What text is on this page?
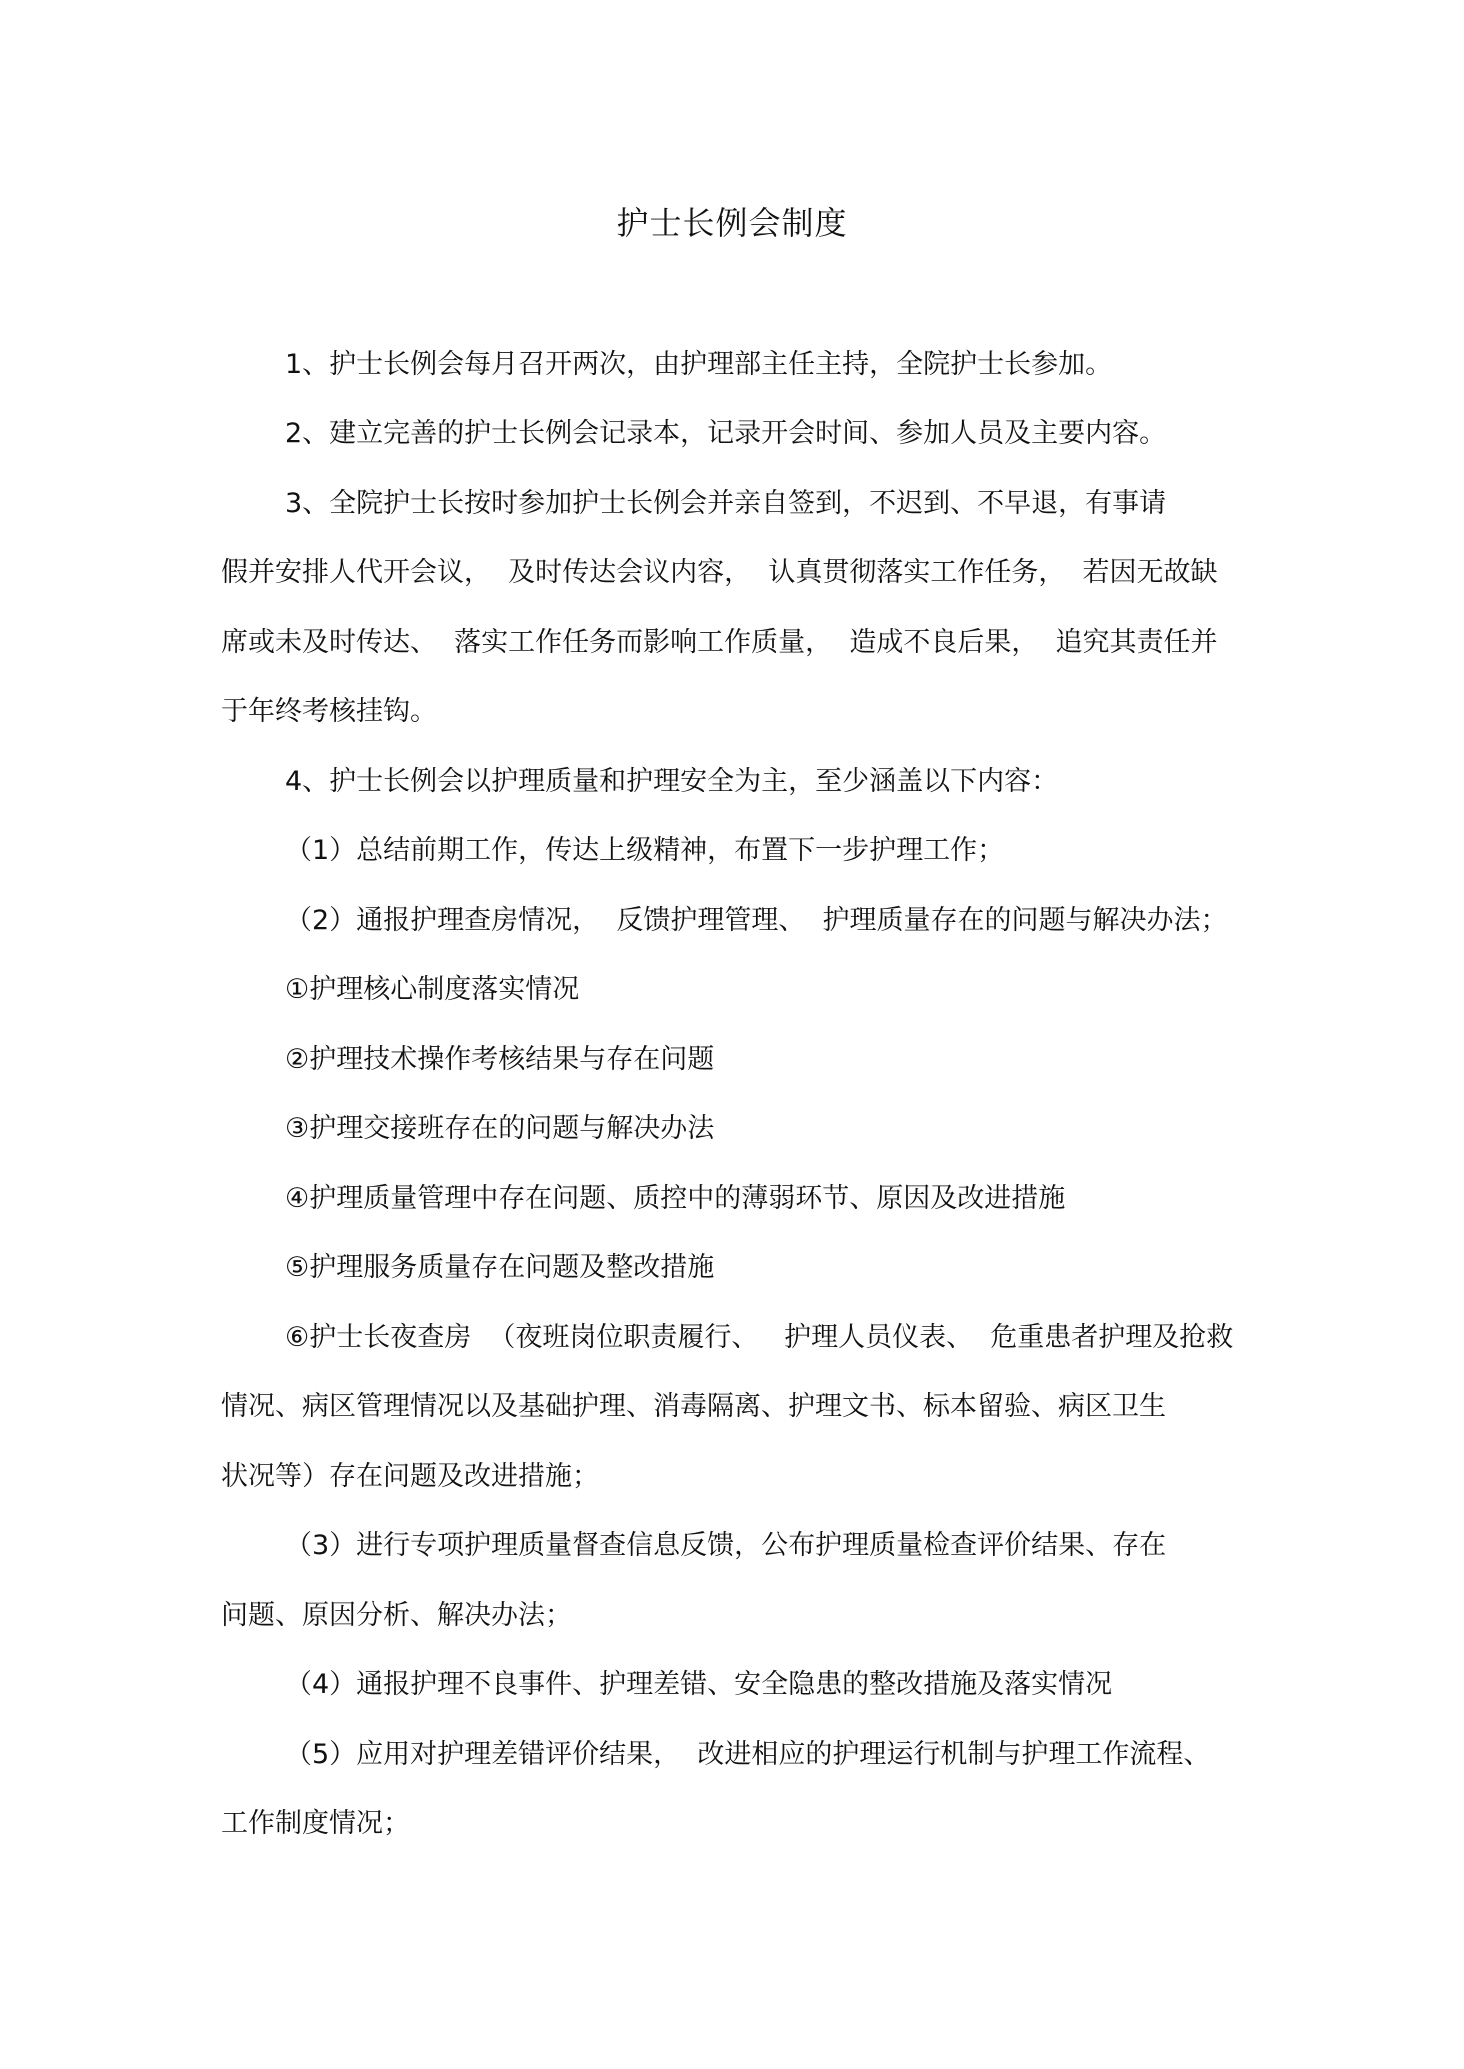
护士长例会制度
1、护士长例会每月召开两次，由护理部主任主持，全院护士长参加。
2、建立完善的护士长例会记录本，记录开会时间、参加人员及主要内容。
3、全院护士长按时参加护士长例会并亲自签到，不迟到、不早退，有事请
假并安排人代开会议，  及时传达会议内容，  认真贯彻落实工作任务，  若因无故缺
席或未及时传达、  落实工作任务而影响工作质量，  造成不良后果，  追究其责任并
于年终考核挂钩。
4、护士长例会以护理质量和护理安全为主，至少涵盖以下内容：
（1）总结前期工作，传达上级精神，布置下一步护理工作；
（2）通报护理查房情况，  反馈护理管理、  护理质量存在的问题与解决办法；
①护理核心制度落实情况
②护理技术操作考核结果与存在问题
③护理交接班存在的问题与解决办法
④护理质量管理中存在问题、质控中的薄弱环节、原因及改进措施
⑤护理服务质量存在问题及整改措施
⑥护士长夜查房  （夜班岗位职责履行、   护理人员仪表、  危重患者护理及抢救
情况、病区管理情况以及基础护理、消毒隔离、护理文书、标本留验、病区卫生
状况等）存在问题及改进措施；
（3）进行专项护理质量督查信息反馈，公布护理质量检查评价结果、存在
问题、原因分析、解决办法；
（4）通报护理不良事件、护理差错、安全隐患的整改措施及落实情况
（5）应用对护理差错评价结果，  改进相应的护理运行机制与护理工作流程、
工作制度情况；
